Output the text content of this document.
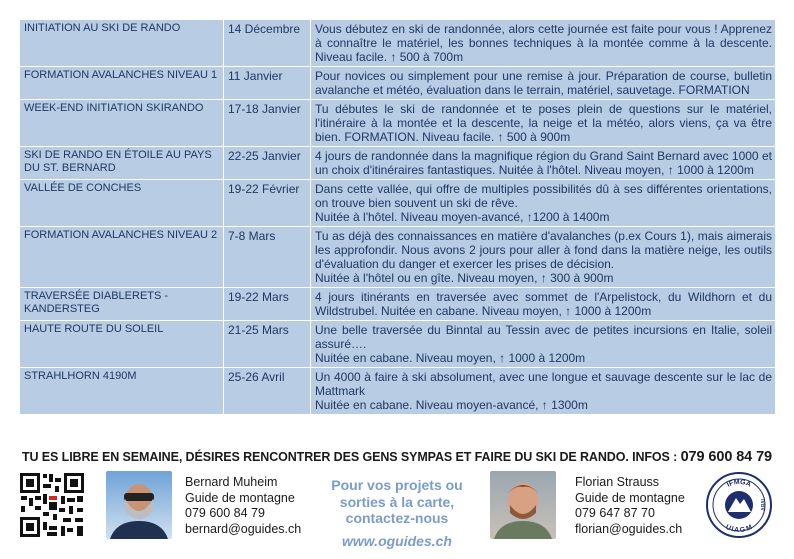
INITIATION AU SKI DE RANDO	14 Décembre	Vous débutez en ski de randonnée, alors cette journée est faite pour vous ! Apprenez à connaître le matériel, les bonnes techniques à la montée comme à la descente. Niveau facile. ↑ 500 à 700m

FORMATION AVALANCHES NIVEAU 1	11 Janvier	Pour novices ou simplement pour une remise à jour. Préparation de course, bulletin avalanche et météo, évaluation dans le terrain, matériel, sauvetage. FORMATION

WEEK-END INITIATION SKIRANDO	17-18 Janvier	Tu débutes le ski de randonnée et te poses plein de questions sur le matériel, l'itinéraire à la montée et la descente, la neige et la météo, alors viens, ça va être bien. FORMATION. Niveau facile. ↑ 500 à 900m

SKI DE RANDO EN ÉTOILE AU PAYS DU ST. BERNARD	22-25 Janvier	4 jours de randonnée dans la magnifique région du Grand Saint Bernard avec 1000 et un choix d'itinéraires fantastiques. Nuitée à l'hôtel. Niveau moyen, ↑ 1000 à 1200m

VALLÉE DE CONCHES	19-22 Février	Dans cette vallée, qui offre de multiples possibilités dû à ses différentes orientations, on trouve bien souvent un ski de rêve.
Nuitée à l'hôtel. Niveau moyen-avancé, ↑1200 à 1400m

FORMATION AVALANCHES NIVEAU 2	7-8 Mars	Tu as déjà des connaissances en matière d'avalanches (p.ex Cours 1), mais aimerais les approfondir. Nous avons 2 jours pour aller à fond dans la matière neige, les outils d'évaluation du danger et exercer les prises de décision.
Nuitée à l'hôtel ou en gîte. Niveau moyen, ↑ 300 à 900m

TRAVERSÉE DIABLERETS - KANDERSTEG	19-22 Mars	4 jours itinérants en traversée avec sommet de l'Arpelistock, du Wildhorn et du Wildstrubel. Nuitée en cabane. Niveau moyen, ↑ 1000 à 1200m

HAUTE ROUTE DU SOLEIL	21-25 Mars	Une belle traversée du Binntal au Tessin avec de petites incursions en Italie, soleil assuré….
Nuitée en cabane. Niveau moyen, ↑ 1000 à 1200m

STRAHLHORN 4190M	25-26 Avril	Un 4000 à faire à ski absolument, avec une longue et sauvage descente sur le lac de Mattmark
Nuitée en cabane. Niveau moyen-avancé, ↑ 1300m
TU ES LIBRE EN SEMAINE, DÉSIRES RENCONTRER DES GENS SYMPAS ET FAIRE DU SKI DE RANDO. INFOS : 079 600 84 79
Bernard Muheim
Guide de montagne
079 600 84 79
bernard@oguides.ch
Pour vos projets ou
sorties à la carte,
contactez-nous
www.oguides.ch
Florian Strauss
Guide de montagne
079 647 87 70
florian@oguides.ch
IFMGA
UIAGM
IVBV
